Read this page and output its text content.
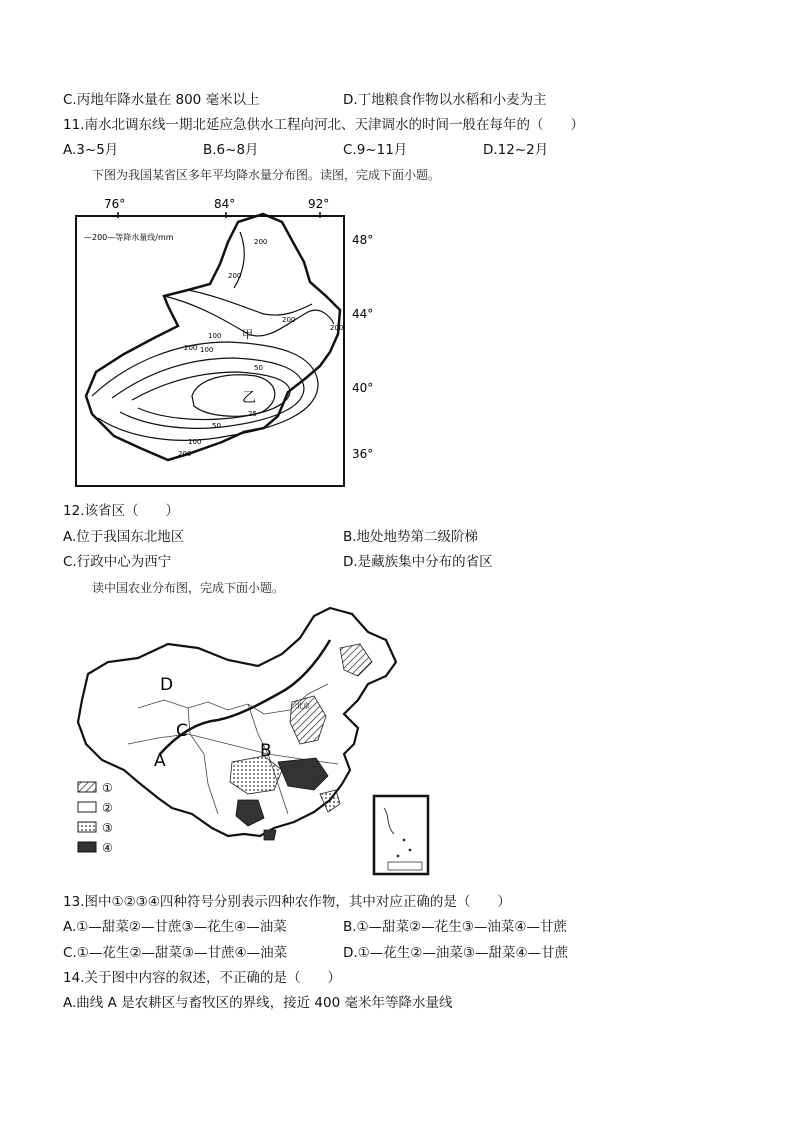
C.丙地年降水量在 800 毫米以上	D.丁地粮食作物以水稻和小麦为主
11.南水北调东线一期北延应急供水工程向河北、天津调水的时间一般在每年的（　　）
A.3~5月	B.6~8月	C.9~11月	D.12~2月
下图为我国某省区多年平均降水量分布图。读图，完成下面小题。
76°	84°	92°
48°
44°
40°
36°
—200—等降水量线/mm
甲
乙
200
200
200
200
100
200 100
50
25
50
100
200
12.该省区（　　）
A.位于我国东北地区	B.地处地势第二级阶梯
C.行政中心为西宁	D.是藏族集中分布的省区
读中国农业分布图，完成下面小题。
北京
A	B
C
D
①
②
③
④
13.图中①②③④四种符号分别表示四种农作物，其中对应正确的是（　　）
A.①—甜菜②—甘蔗③—花生④—油菜	B.①—甜菜②—花生③—油菜④—甘蔗
C.①—花生②—甜菜③—甘蔗④—油菜	D.①—花生②—油菜③—甜菜④—甘蔗
14.关于图中内容的叙述，不正确的是（　　）
A.曲线 A 是农耕区与畜牧区的界线，接近 400 毫米年等降水量线
